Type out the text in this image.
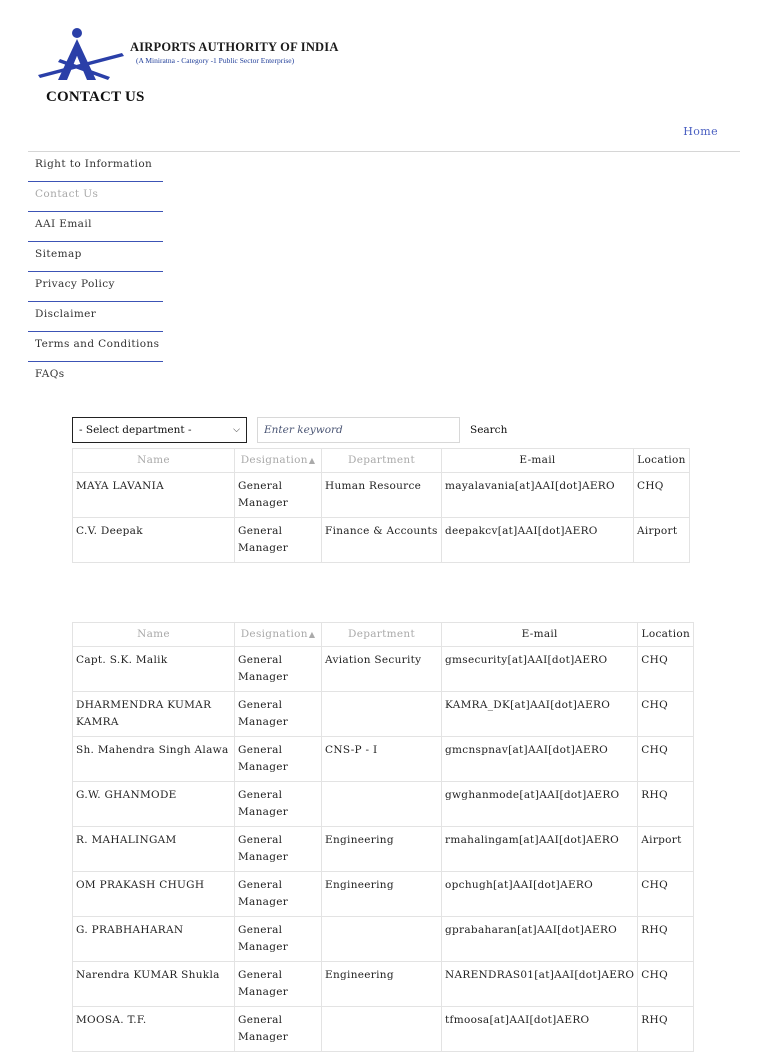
AIRPORTS AUTHORITY OF INDIA
(A Miniratna - Category -1 Public Sector Enterprise)
CONTACT US
Home
Right to Information
Contact Us
AAI Email
Sitemap
Privacy Policy
Disclaimer
Terms and Conditions
FAQs
- Select department -	⌵
Enter keyword	Search
Name	Designation▲	Department	E-mail	Location
MAYA LAVANIA	General Manager	Human Resource	mayalavania[at]AAI[dot]AERO	CHQ
C.V. Deepak	General Manager	Finance & Accounts	deepakcv[at]AAI[dot]AERO	Airport
Name	Designation▲	Department	E-mail	Location
Capt. S.K. Malik	General Manager	Aviation Security	gmsecurity[at]AAI[dot]AERO	CHQ
DHARMENDRA KUMAR KAMRA	General Manager		KAMRA_DK[at]AAI[dot]AERO	CHQ
Sh. Mahendra Singh Alawa	General Manager	CNS-P - I	gmcnspnav[at]AAI[dot]AERO	CHQ
G.W. GHANMODE	General Manager		gwghanmode[at]AAI[dot]AERO	RHQ
R. MAHALINGAM	General Manager	Engineering	rmahalingam[at]AAI[dot]AERO	Airport
OM PRAKASH CHUGH	General Manager	Engineering	opchugh[at]AAI[dot]AERO	CHQ
G. PRABHAHARAN	General Manager		gprabaharan[at]AAI[dot]AERO	RHQ
Narendra KUMAR Shukla	General Manager	Engineering	NARENDRAS01[at]AAI[dot]AERO	CHQ
MOOSA. T.F.	General Manager		tfmoosa[at]AAI[dot]AERO	RHQ
